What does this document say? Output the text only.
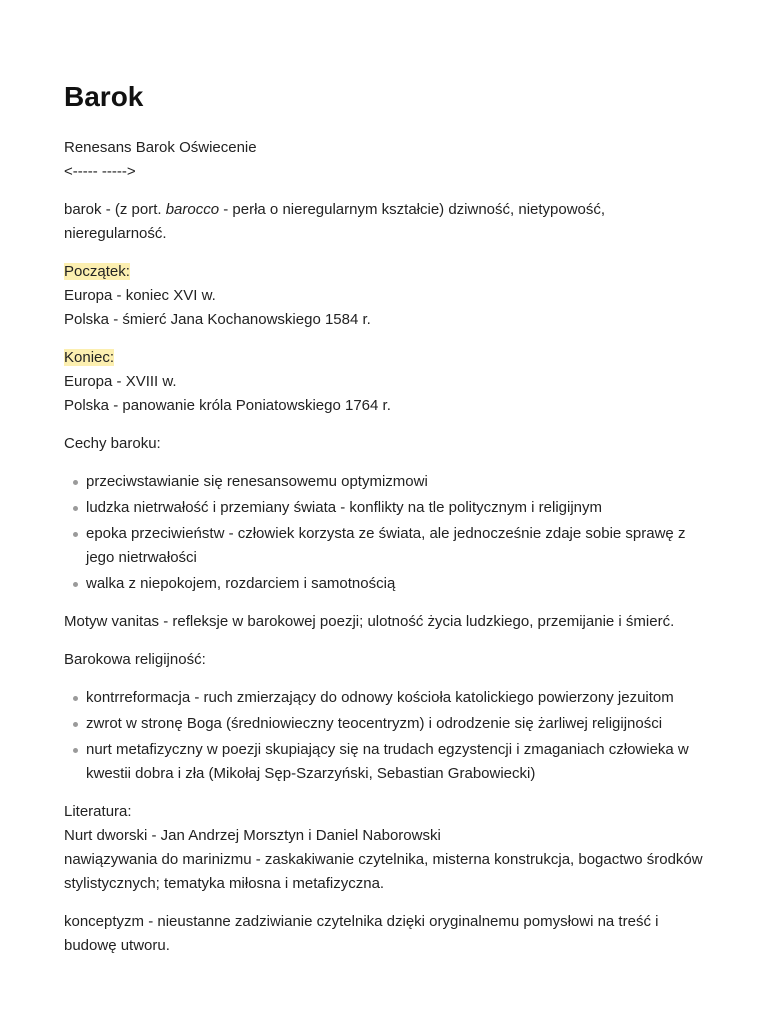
Barok

Renesans Barok Oświecenie
<----- ----->

barok - (z port. barocco - perła o nieregularnym kształcie) dziwność, nietypowość, nieregularność.

Początek:
Europa - koniec XVI w.
Polska - śmierć Jana Kochanowskiego 1584 r.

Koniec:
Europa - XVIII w.
Polska - panowanie króla Poniatowskiego 1764 r.

Cechy baroku:

przeciwstawianie się renesansowemu optymizmowi
ludzka nietrwałość i przemiany świata - konflikty na tle politycznym i religijnym
epoka przeciwieństw - człowiek korzysta ze świata, ale jednocześnie zdaje sobie sprawę z jego nietrwałości
walka z niepokojem, rozdarciem i samotnością

Motyw vanitas - refleksje w barokowej poezji; ulotność życia ludzkiego, przemijanie i śmierć.

Barokowa religijność:

kontrreformacja - ruch zmierzający do odnowy kościoła katolickiego powierzony jezuitom
zwrot w stronę Boga (średniowieczny teocentryzm) i odrodzenie się żarliwej religijności
nurt metafizyczny w poezji skupiający się na trudach egzystencji i zmaganiach człowieka w kwestii dobra i zła (Mikołaj Sęp-Szarzyński, Sebastian Grabowiecki)

Literatura:
Nurt dworski - Jan Andrzej Morsztyn i Daniel Naborowski
nawiązywania do marinizmu - zaskakiwanie czytelnika, misterna konstrukcja, bogactwo środków stylistycznych; tematyka miłosna i metafizyczna.

konceptyzm - nieustanne zadziwianie czytelnika dzięki oryginalnemu pomysłowi na treść i budowę utworu.
